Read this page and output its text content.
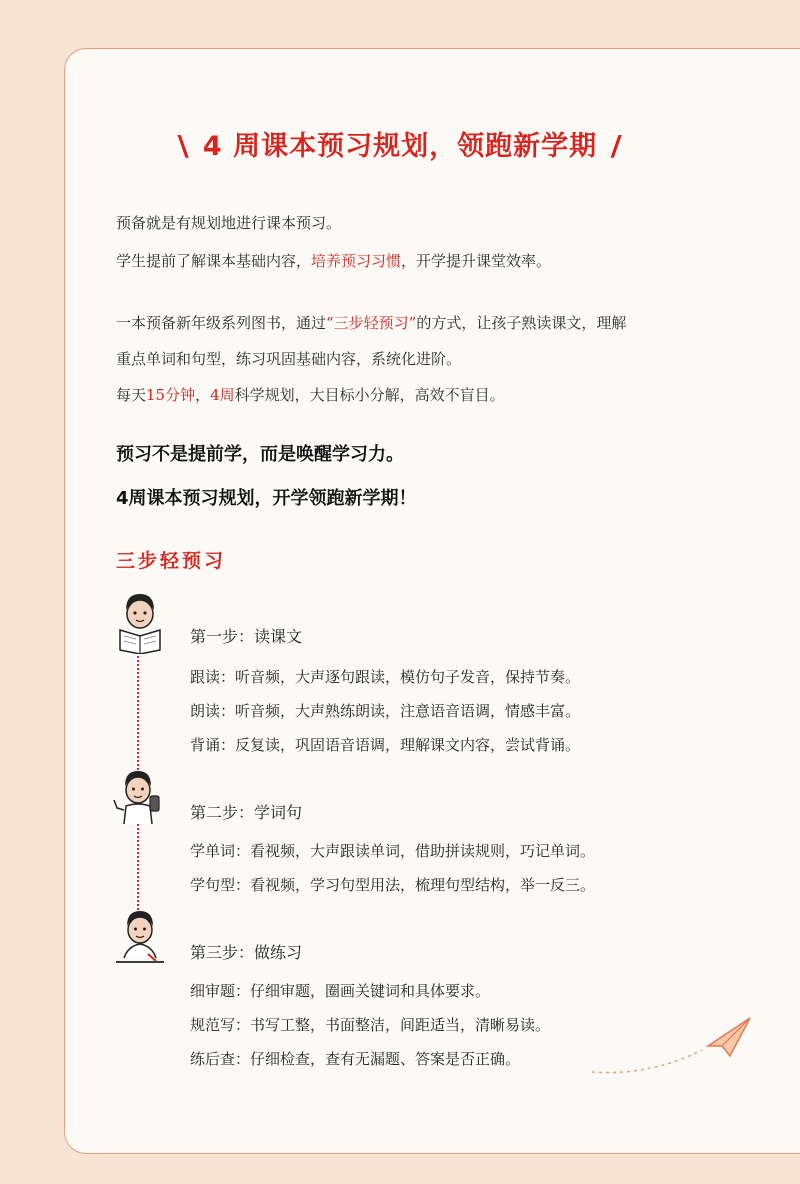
\ 4 周课本预习规划，领跑新学期 /
预备就是有规划地进行课本预习。
学生提前了解课本基础内容，培养预习习惯，开学提升课堂效率。
一本预备新年级系列图书，通过“三步轻预习”的方式，让孩子熟读课文，理解
重点单词和句型，练习巩固基础内容，系统化进阶。
每天15分钟，4周科学规划，大目标小分解，高效不盲目。
预习不是提前学，而是唤醒学习力。
4周课本预习规划，开学领跑新学期！
三步轻预习
第一步：读课文
跟读：听音频，大声逐句跟读，模仿句子发音，保持节奏。
朗读：听音频，大声熟练朗读，注意语音语调，情感丰富。
背诵：反复读，巩固语音语调，理解课文内容，尝试背诵。
第二步：学词句
学单词：看视频，大声跟读单词，借助拼读规则，巧记单词。
学句型：看视频，学习句型用法，梳理句型结构，举一反三。
第三步：做练习
细审题：仔细审题，圈画关键词和具体要求。
规范写：书写工整，书面整洁，间距适当，清晰易读。
练后查：仔细检查，查有无漏题、答案是否正确。
